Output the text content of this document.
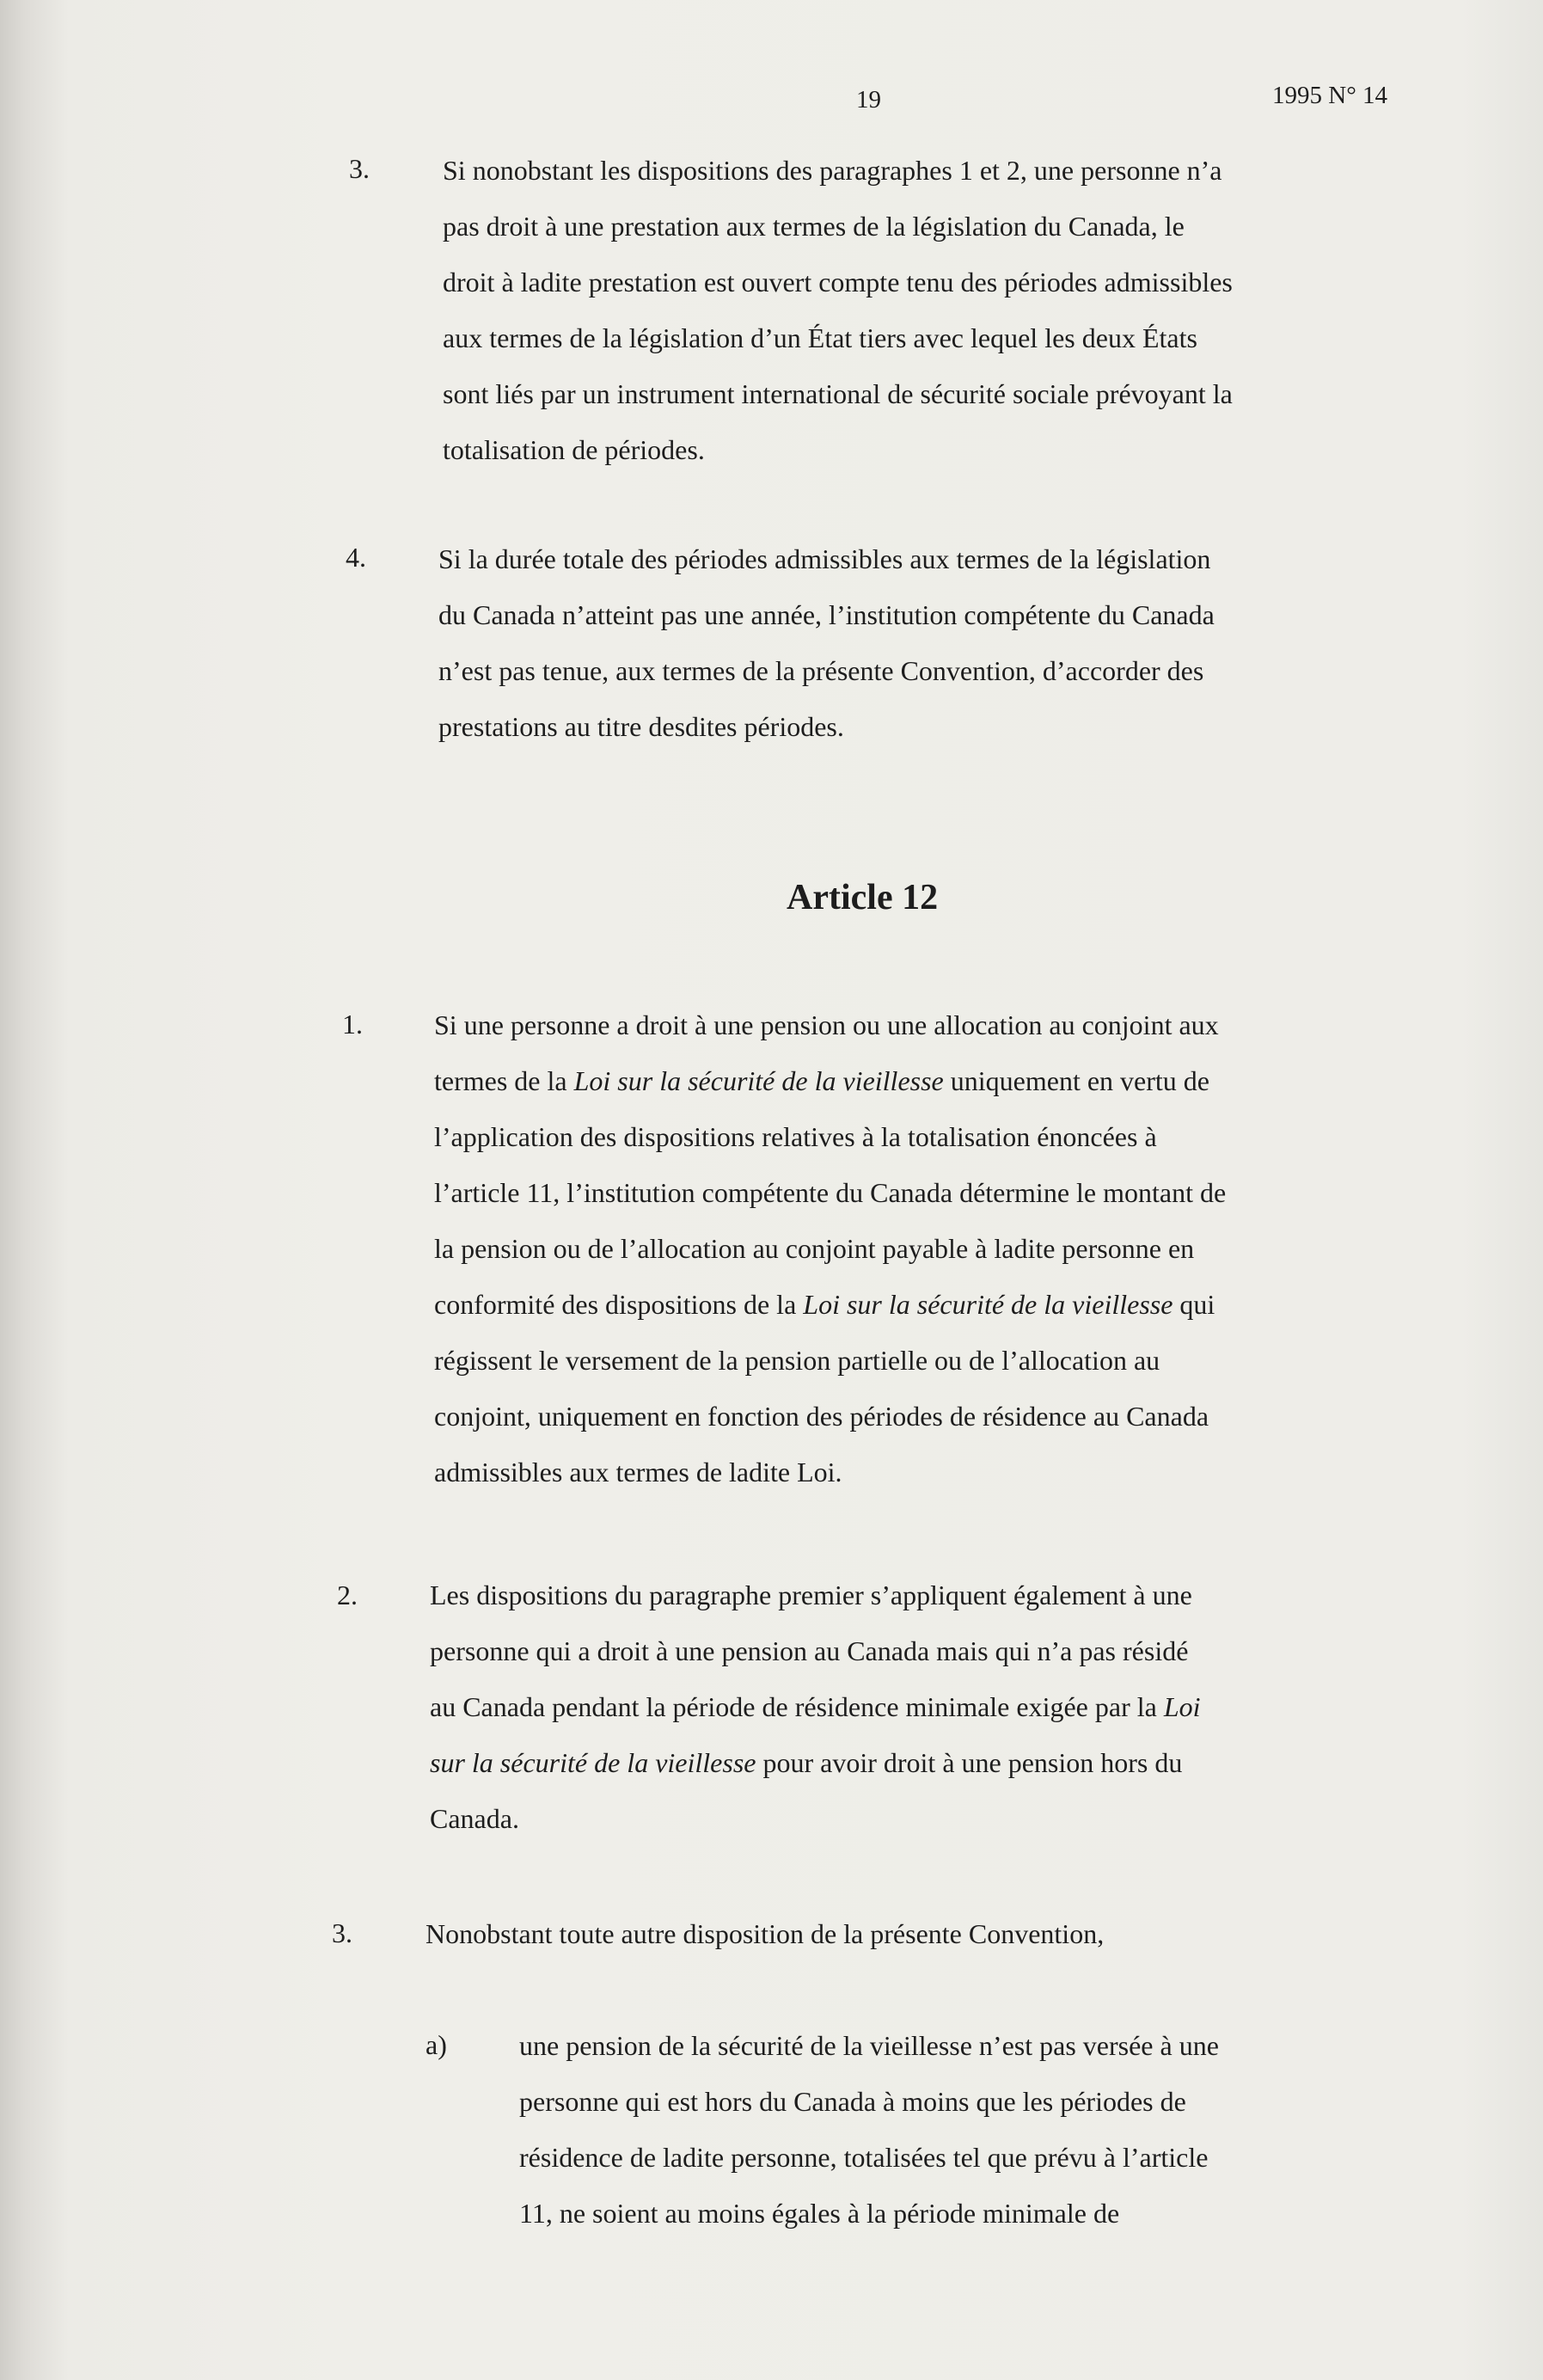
19	1995 N° 14
3.	Si nonobstant les dispositions des paragraphes 1 et 2, une personne n’a
pas droit à une prestation aux termes de la législation du Canada, le
droit à ladite prestation est ouvert compte tenu des périodes admissibles
aux termes de la législation d’un État tiers avec lequel les deux États
sont liés par un instrument international de sécurité sociale prévoyant la
totalisation de périodes.
4.	Si la durée totale des périodes admissibles aux termes de la législation
du Canada n’atteint pas une année, l’institution compétente du Canada
n’est pas tenue, aux termes de la présente Convention, d’accorder des
prestations au titre desdites périodes.
Article 12
1.	Si une personne a droit à une pension ou une allocation au conjoint aux
termes de la Loi sur la sécurité de la vieillesse uniquement en vertu de
l’application des dispositions relatives à la totalisation énoncées à
l’article 11, l’institution compétente du Canada détermine le montant de
la pension ou de l’allocation au conjoint payable à ladite personne en
conformité des dispositions de la Loi sur la sécurité de la vieillesse qui
régissent le versement de la pension partielle ou de l’allocation au
conjoint, uniquement en fonction des périodes de résidence au Canada
admissibles aux termes de ladite Loi.
2.	Les dispositions du paragraphe premier s’appliquent également à une
personne qui a droit à une pension au Canada mais qui n’a pas résidé
au Canada pendant la période de résidence minimale exigée par la Loi
sur la sécurité de la vieillesse pour avoir droit à une pension hors du
Canada.
3.	Nonobstant toute autre disposition de la présente Convention,
a)	une pension de la sécurité de la vieillesse n’est pas versée à une
personne qui est hors du Canada à moins que les périodes de
résidence de ladite personne, totalisées tel que prévu à l’article
11, ne soient au moins égales à la période minimale de
